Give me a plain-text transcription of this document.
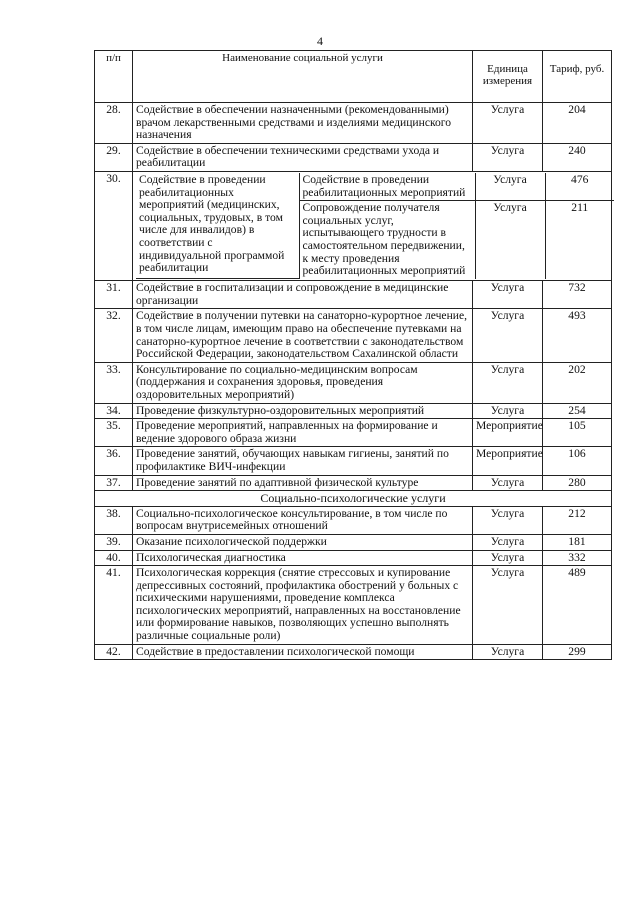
4
п/п	Наименование социальной услуги	Единица измерения	Тариф, руб.
28.	Содействие в обеспечении назначенными (рекомендованными) врачом лекарственными средствами и изделиями медицинского назначения	Услуга	204
29.	Содействие в обеспечении техническими средствами ухода и реабилитации	Услуга	240
30.	Содействие в проведении реабилитационных мероприятий (медицинских, социальных, трудовых, в том числе для инвалидов) в соответствии с индивидуальной программой реабилитации	Содействие в проведении реабилитационных мероприятий	Услуга	476
Сопровождение получателя социальных услуг, испытывающего трудности в самостоятельном передвижении, к месту проведения реабилитационных мероприятий	Услуга	211

31.	Содействие в госпитализации и сопровождение в медицинские организации	Услуга	732
32.	Содействие в получении путевки на санаторно-курортное лечение, в том числе лицам, имеющим право на обеспечение путевками на санаторно-курортное лечение в соответствии с законодательством Российской Федерации, законодательством Сахалинской области	Услуга	493
33.	Консультирование по социально-медицинским вопросам (поддержания и сохранения здоровья, проведения оздоровительных мероприятий)	Услуга	202
34.	Проведение физкультурно-оздоровительных мероприятий	Услуга	254
35.	Проведение мероприятий, направленных на формирование и ведение здорового образа жизни	Мероприятие	105
36.	Проведение занятий, обучающих навыкам гигиены, занятий по профилактике ВИЧ-инфекции	Мероприятие	106
37.	Проведение занятий по адаптивной физической культуре	Услуга	280
Социально-психологические услуги
38.	Социально-психологическое консультирование, в том числе по вопросам внутрисемейных отношений	Услуга	212
39.	Оказание психологической поддержки	Услуга	181
40.	Психологическая диагностика	Услуга	332
41.	Психологическая коррекция (снятие стрессовых и купирование депрессивных состояний, профилактика обострений у больных с психическими нарушениями, проведение комплекса психологических мероприятий, направленных на восстановление или формирование навыков, позволяющих успешно выполнять различные социальные роли)	Услуга	489
42.	Содействие в предоставлении психологической помощи	Услуга	299
